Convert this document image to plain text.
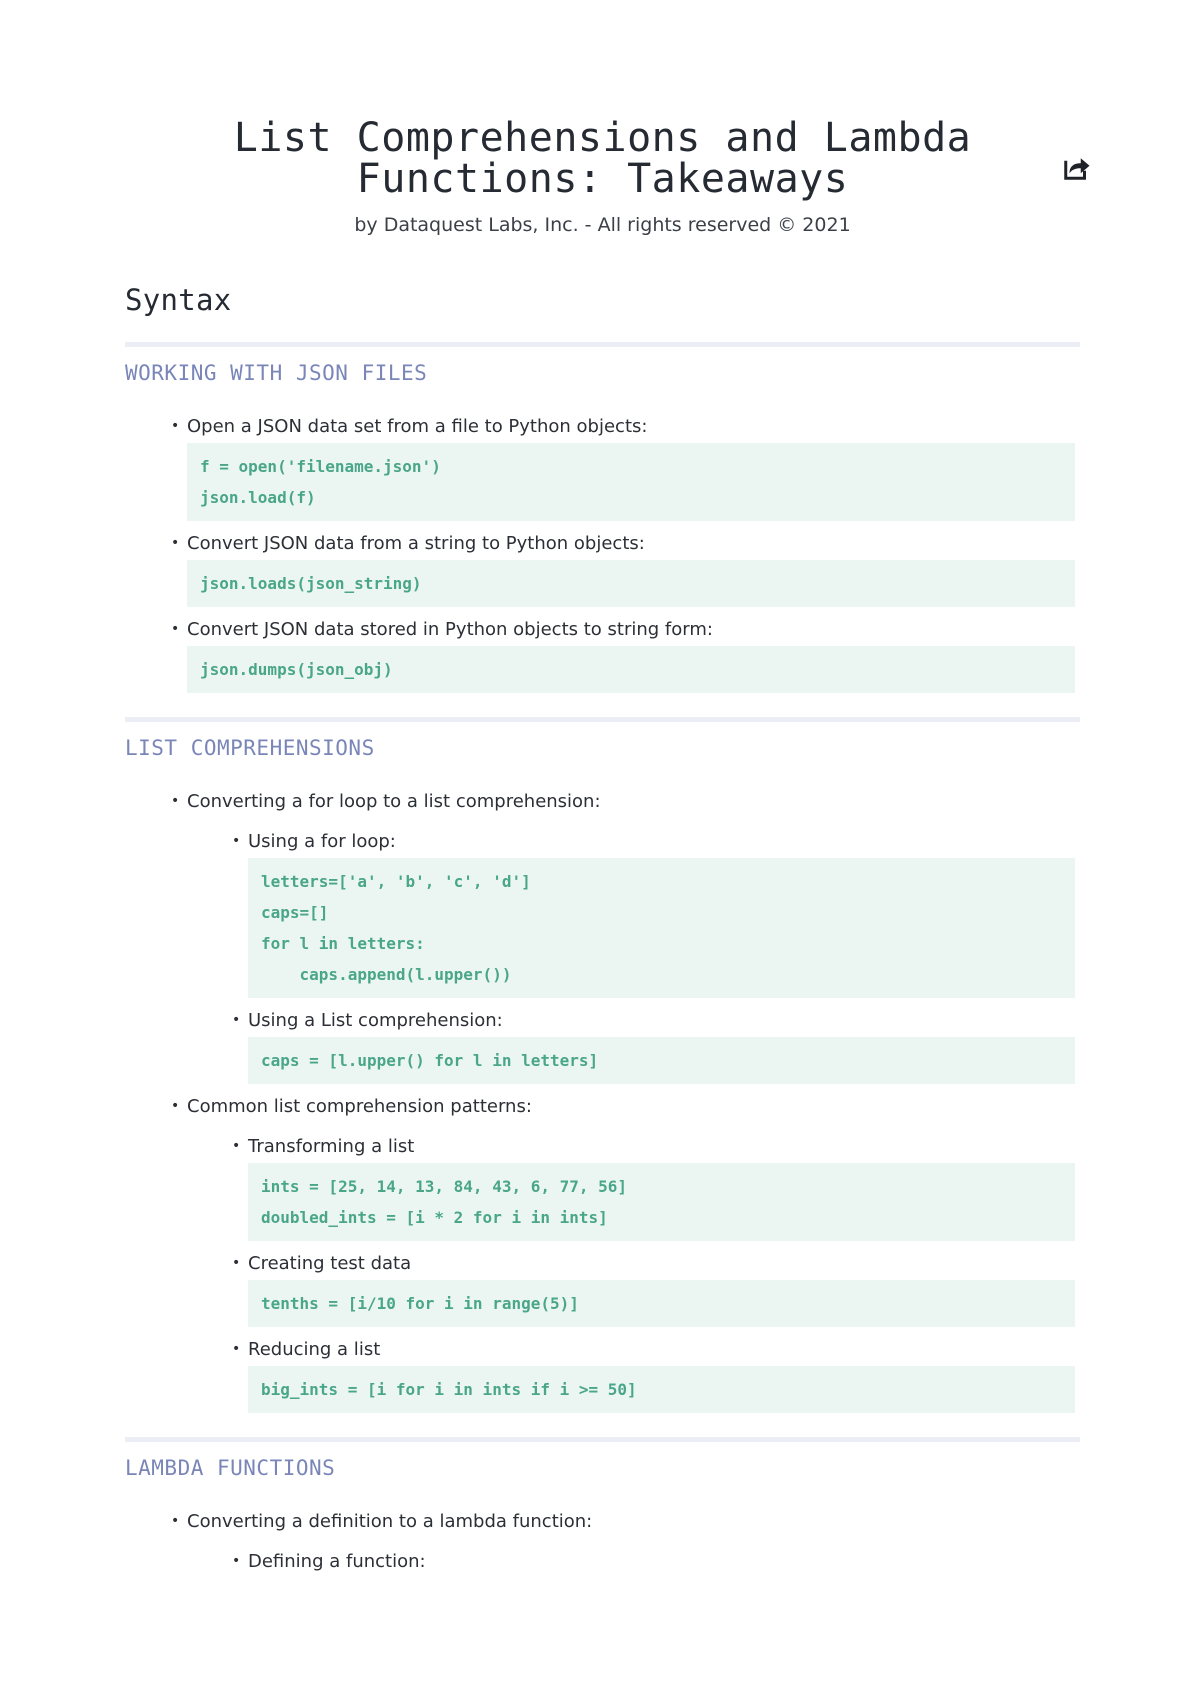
List Comprehensions and Lambda Functions: Takeaways
by Dataquest Labs, Inc. - All rights reserved © 2021
Syntax
WORKING WITH JSON FILES
• Open a JSON data set from a file to Python objects:
f = open('filename.json')
json.load(f)
• Convert JSON data from a string to Python objects:
json.loads(json_string)
• Convert JSON data stored in Python objects to string form:
json.dumps(json_obj)
LIST COMPREHENSIONS
• Converting a for loop to a list comprehension:
• Using a for loop:
letters=['a', 'b', 'c', 'd']
caps=[]
for l in letters:
caps.append(l.upper())
• Using a List comprehension:
caps = [l.upper() for l in letters]
• Common list comprehension patterns:
• Transforming a list
ints = [25, 14, 13, 84, 43, 6, 77, 56]
doubled_ints = [i * 2 for i in ints]
• Creating test data
tenths = [i/10 for i in range(5)]
• Reducing a list
big_ints = [i for i in ints if i >= 50]
LAMBDA FUNCTIONS
• Converting a definition to a lambda function:
• Defining a function:
